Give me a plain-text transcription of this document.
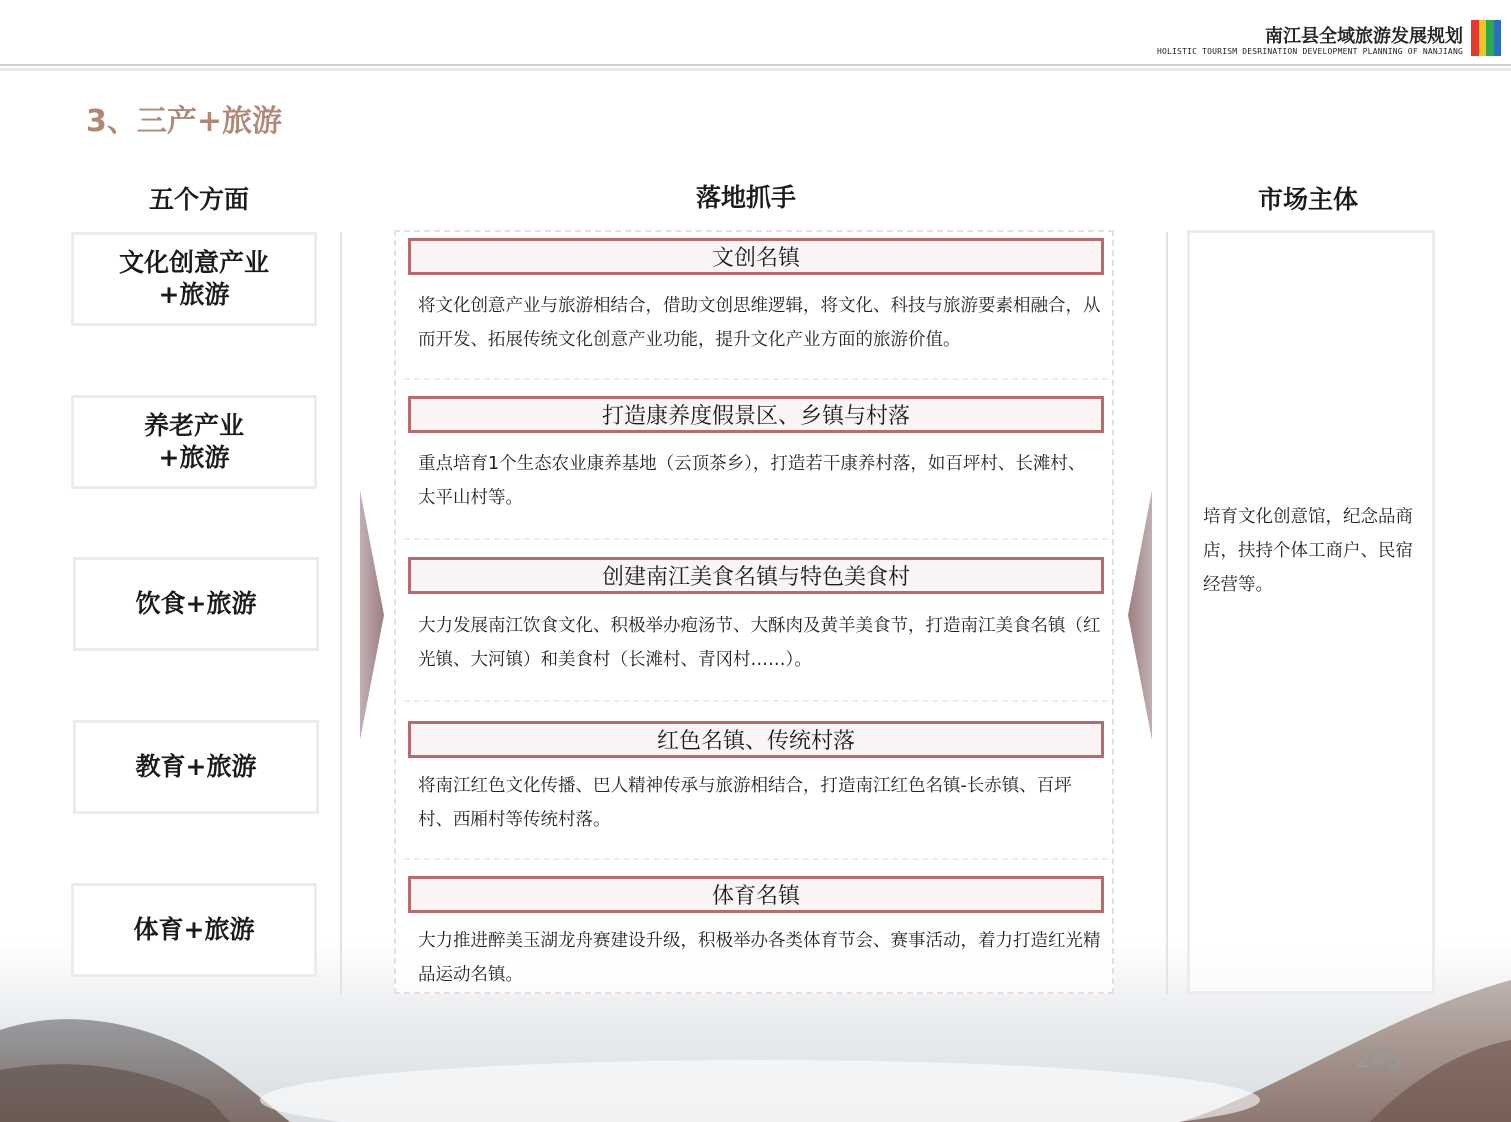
南江县全域旅游发展规划
HOLISTIC TOURISM DESRINATION DEVELOPMENT PLANNING OF NANJIANG
3、三产+旅游
五个方面	落地抓手	市场主体
文化创意产业
+旅游
养老产业
+旅游
饮食+旅游
教育+旅游
体育+旅游
文创名镇
将文化创意产业与旅游相结合，借助文创思维逻辑，将文化、科技与旅游要素相融合，从而开发、拓展传统文化创意产业功能，提升文化产业方面的旅游价值。
打造康养度假景区、乡镇与村落
重点培育1个生态农业康养基地（云顶茶乡），打造若干康养村落，如百坪村、长滩村、太平山村等。
创建南江美食名镇与特色美食村
大力发展南江饮食文化、积极举办疱汤节、大酥肉及黄羊美食节，打造南江美食名镇（红光镇、大河镇）和美食村（长滩村、青冈村……）。
红色名镇、传统村落
将南江红色文化传播、巴人精神传承与旅游相结合，打造南江红色名镇-长赤镇、百坪村、西厢村等传统村落。
体育名镇
大力推进醉美玉湖龙舟赛建设升级，积极举办各类体育节会、赛事活动，着力打造红光精品运动名镇。
培育文化创意馆，纪念品商店，扶持个体工商户、民宿经营等。
245
